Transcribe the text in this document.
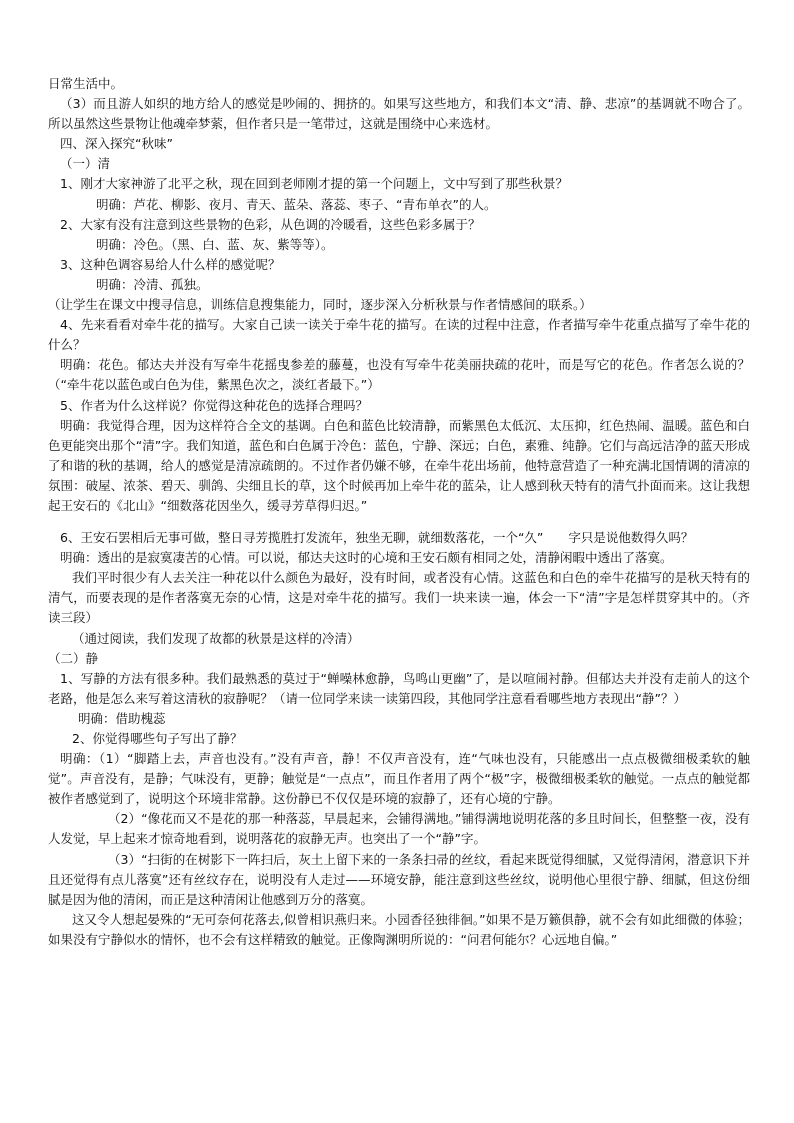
日常生活中。

（3）而且游人如织的地方给人的感觉是吵闹的、拥挤的。如果写这些地方，和我们本文“清、静、悲凉”的基调就不吻合了。所以虽然这些景物让他魂牵梦萦，但作者只是一笔带过，这就是围绕中心来选材。

四、深入探究“秋味”

（一）清

1、刚才大家神游了北平之秋，现在回到老师刚才提的第一个问题上，文中写到了那些秋景？

明确：芦花、柳影、夜月、青天、蓝朵、落蕊、枣子、“青布单衣”的人。

2、大家有没有注意到这些景物的色彩，从色调的冷暖看，这些色彩多属于？

明确：冷色。（黑、白、蓝、灰、紫等等）。

3、这种色调容易给人什么样的感觉呢？

明确：冷清、孤独。

（让学生在课文中搜寻信息，训练信息搜集能力，同时，逐步深入分析秋景与作者情感间的联系。）

4、先来看看对牵牛花的描写。大家自己读一读关于牵牛花的描写。在读的过程中注意，作者描写牵牛花重点描写了牵牛花的什么？

明确：花色。郁达夫并没有写牵牛花摇曳参差的藤蔓，也没有写牵牛花美丽抉疏的花叶，而是写它的花色。作者怎么说的？（“牵牛花以蓝色或白色为佳，紫黑色次之，淡红者最下。”）

5、作者为什么这样说？你觉得这种花色的选择合理吗？

明确：我觉得合理，因为这样符合全文的基调。白色和蓝色比较清静，而紫黑色太低沉、太压抑，红色热闹、温暖。蓝色和白色更能突出那个“清”字。我们知道，蓝色和白色属于冷色：蓝色，宁静、深远；白色，素雅、纯静。它们与高远洁净的蓝天形成了和谐的秋的基调，给人的感觉是清凉疏朗的。不过作者仍嫌不够，在牵牛花出场前，他特意营造了一种充满北国情调的清凉的氛围：破屋、浓茶、碧天、驯鸽、尖细且长的草，这个时候再加上牵牛花的蓝朵，让人感到秋天特有的清气扑面而来。这让我想起王安石的《北山》“细数落花因坐久，缓寻芳草得归迟。”

6、王安石罢相后无事可做，整日寻芳揽胜打发流年，独坐无聊，就细数落花，一个“久”　　字只是说他数得久吗？

明确：透出的是寂寞凄苦的心情。可以说，郁达夫这时的心境和王安石颇有相同之处，清静闲暇中透出了落寞。

我们平时很少有人去关注一种花以什么颜色为最好，没有时间，或者没有心情。这蓝色和白色的牵牛花描写的是秋天特有的清气，而要表现的是作者落寞无奈的心情，这是对牵牛花的描写。我们一块来读一遍，体会一下“清”字是怎样贯穿其中的。（齐读三段）

（通过阅读，我们发现了故都的秋景是这样的冷清）

（二）静

1、写静的方法有很多种。我们最熟悉的莫过于“蝉噪林愈静，鸟鸣山更幽”了，是以喧闹衬静。但郁达夫并没有走前人的这个老路，他是怎么来写着这清秋的寂静呢？（请一位同学来读一读第四段，其他同学注意看看哪些地方表现出“静”？）

明确：借助槐蕊

2、你觉得哪些句子写出了静？

明确：（1）“脚踏上去，声音也没有。”没有声音，静！不仅声音没有，连“气味也没有，只能感出一点点极微细极柔软的触觉”。声音没有，是静；气味没有，更静；触觉是“一点点”，而且作者用了两个“极”字，极微细极柔软的触觉。一点点的触觉都被作者感觉到了，说明这个环境非常静。这份静已不仅仅是环境的寂静了，还有心境的宁静。

（2）“像花而又不是花的那一种落蕊，早晨起来，会铺得满地。”铺得满地说明花落的多且时间长，但整整一夜，没有人发觉，早上起来才惊奇地看到，说明落花的寂静无声。也突出了一个“静”字。

（3）“扫街的在树影下一阵扫后，灰土上留下来的一条条扫帚的丝纹，看起来既觉得细腻，又觉得清闲，潜意识下并且还觉得有点儿落寞”还有丝纹存在，说明没有人走过——环境安静，能注意到这些丝纹，说明他心里很宁静、细腻，但这份细腻是因为他的清闲，而正是这种清闲让他感到万分的落寞。

这又令人想起晏殊的“无可奈何花落去,似曾相识燕归来。小园香径独徘徊。”如果不是万籁俱静，就不会有如此细微的体验；如果没有宁静似水的情怀，也不会有这样精致的触觉。正像陶渊明所说的：“问君何能尔？心远地自偏。”
